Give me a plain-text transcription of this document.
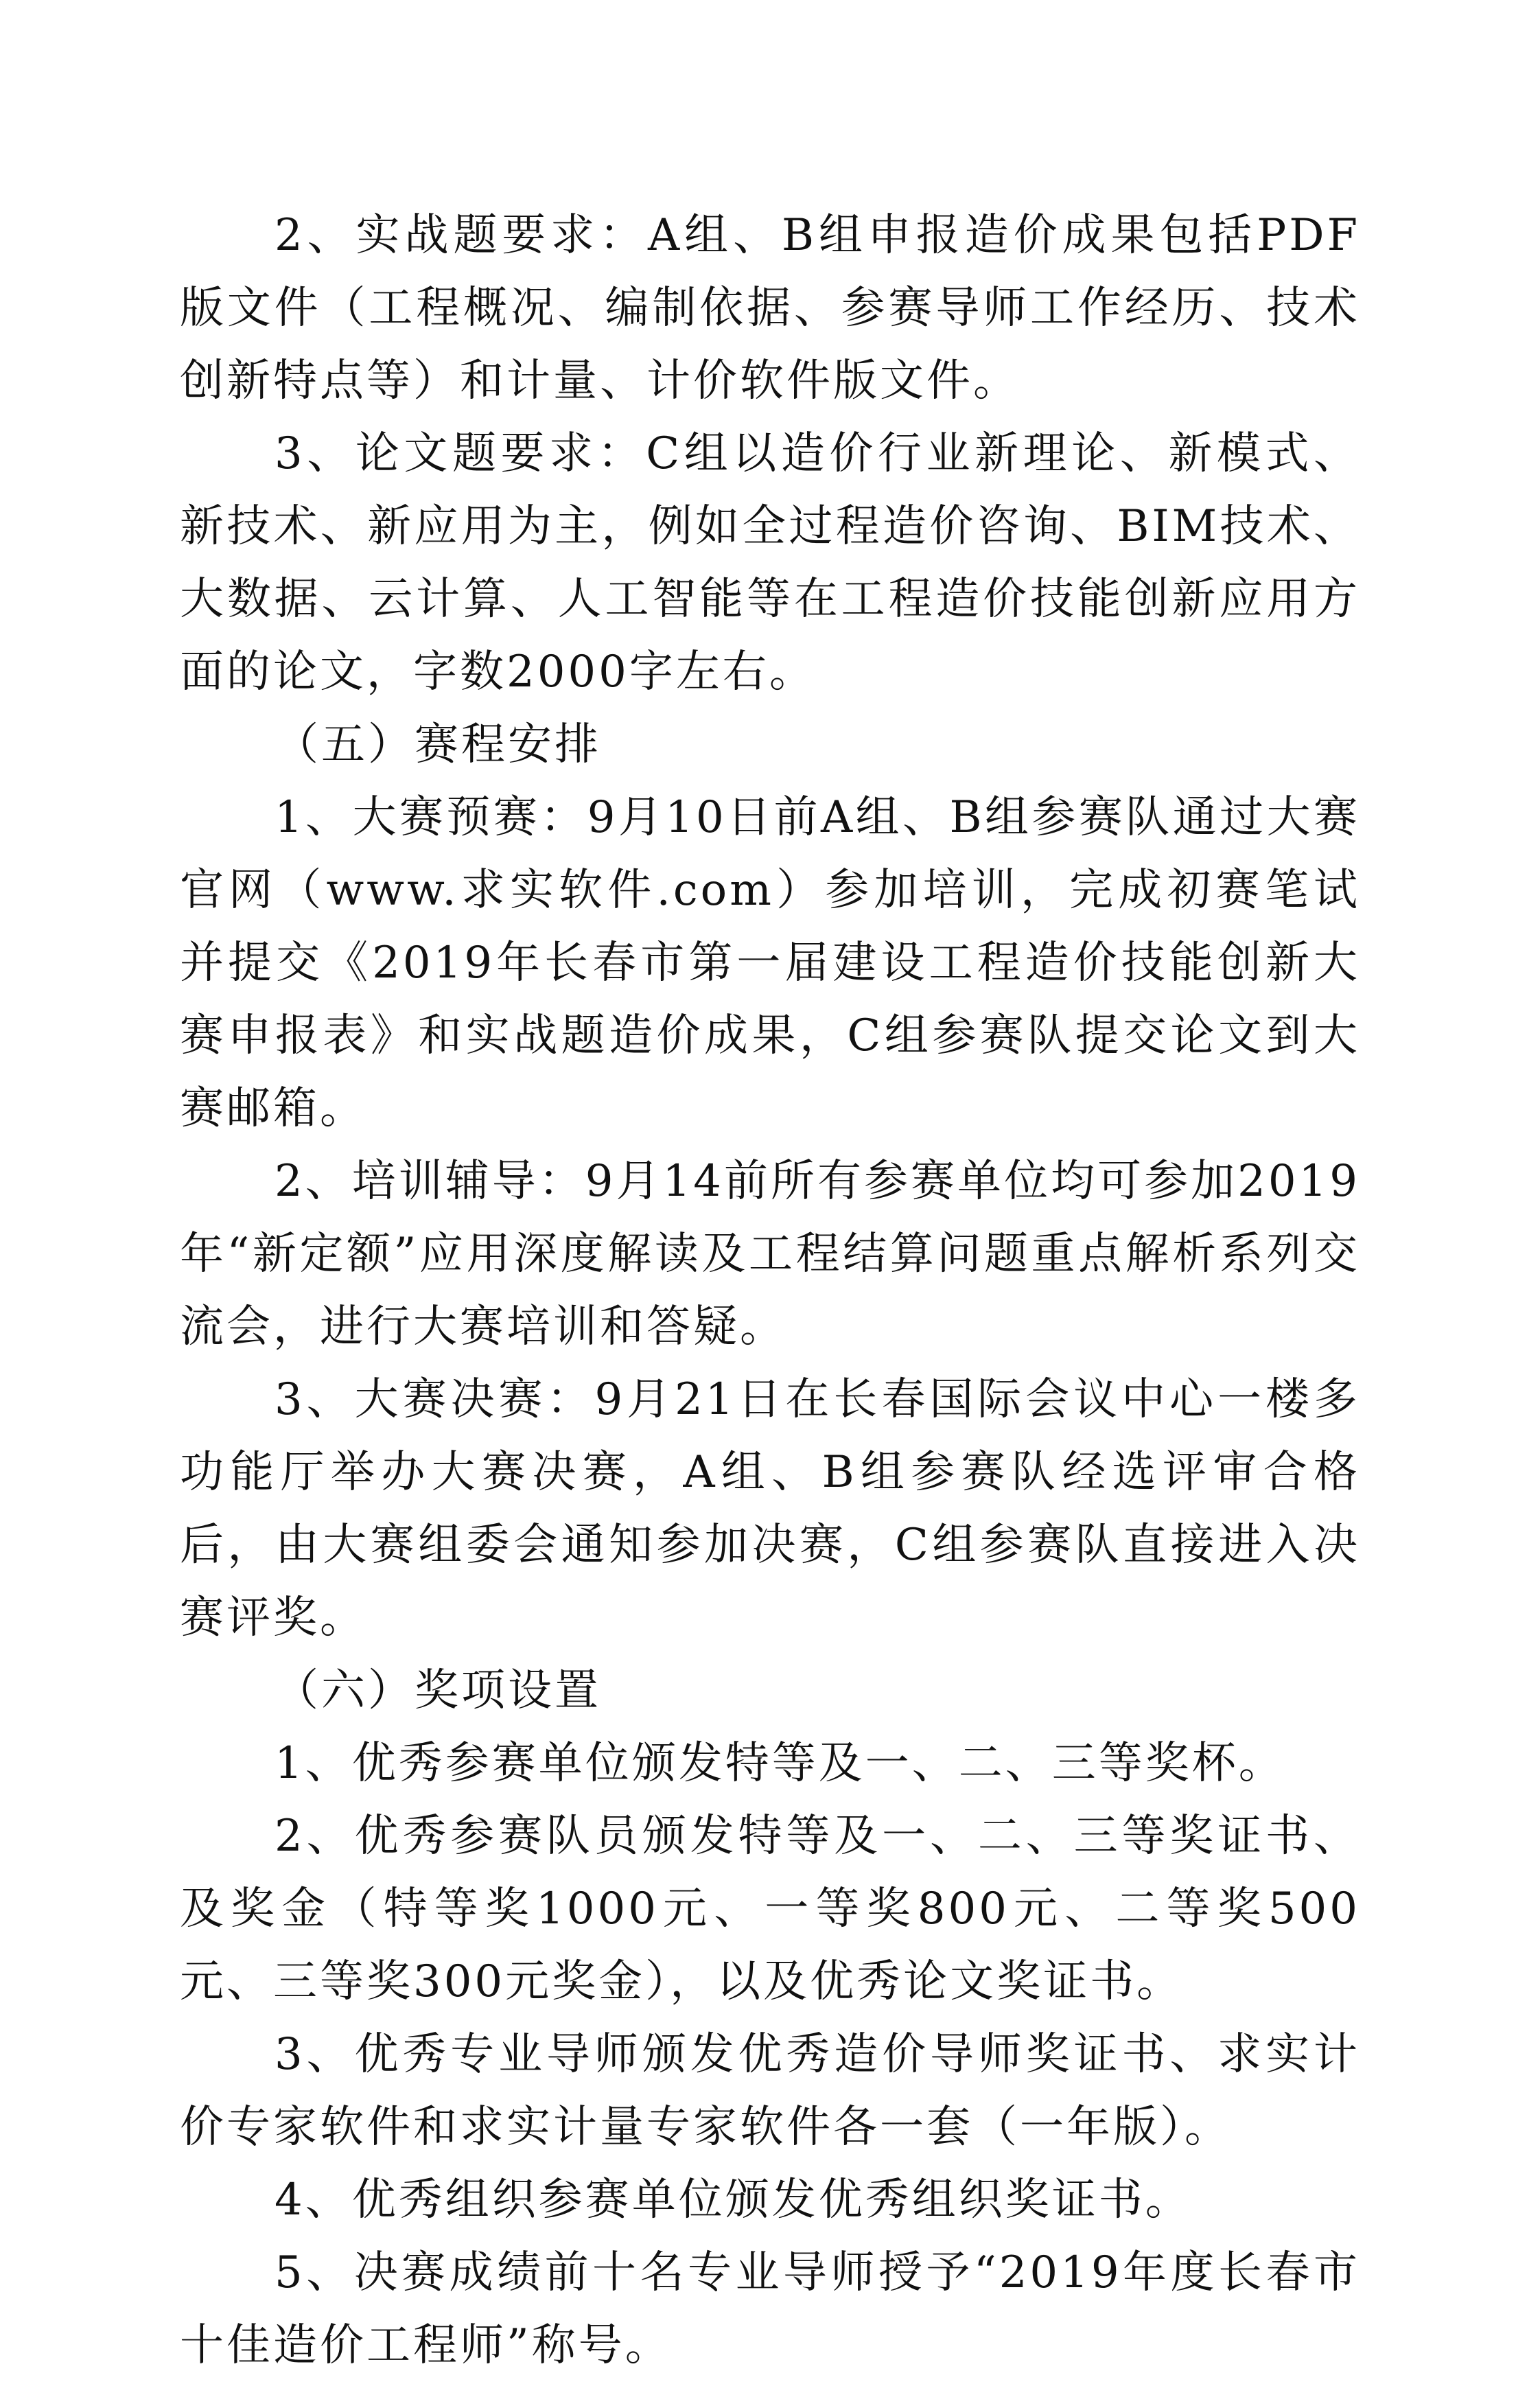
2、实战题要求：A组、B组申报造价成果包括PDF版文件（工程概况、编制依据、参赛导师工作经历、技术创新特点等）和计量、计价软件版文件。

3、论文题要求：C组以造价行业新理论、新模式、新技术、新应用为主，例如全过程造价咨询、BIM技术、大数据、云计算、人工智能等在工程造价技能创新应用方面的论文，字数2000字左右。

（五）赛程安排

1、大赛预赛：9月10日前A组、B组参赛队通过大赛官网（www.求实软件.com）参加培训，完成初赛笔试并提交《2019年长春市第一届建设工程造价技能创新大赛申报表》和实战题造价成果，C组参赛队提交论文到大赛邮箱。

2、培训辅导：9月14前所有参赛单位均可参加2019年“新定额”应用深度解读及工程结算问题重点解析系列交流会，进行大赛培训和答疑。

3、大赛决赛：9月21日在长春国际会议中心一楼多功能厅举办大赛决赛，A组、B组参赛队经选评审合格后，由大赛组委会通知参加决赛，C组参赛队直接进入决赛评奖。

（六）奖项设置

1、优秀参赛单位颁发特等及一、二、三等奖杯。

2、优秀参赛队员颁发特等及一、二、三等奖证书、及奖金（特等奖1000元、一等奖800元、二等奖500元、三等奖300元奖金），以及优秀论文奖证书。

3、优秀专业导师颁发优秀造价导师奖证书、求实计价专家软件和求实计量专家软件各一套（一年版）。

4、优秀组织参赛单位颁发优秀组织奖证书。

5、决赛成绩前十名专业导师授予“2019年度长春市十佳造价工程师”称号。
